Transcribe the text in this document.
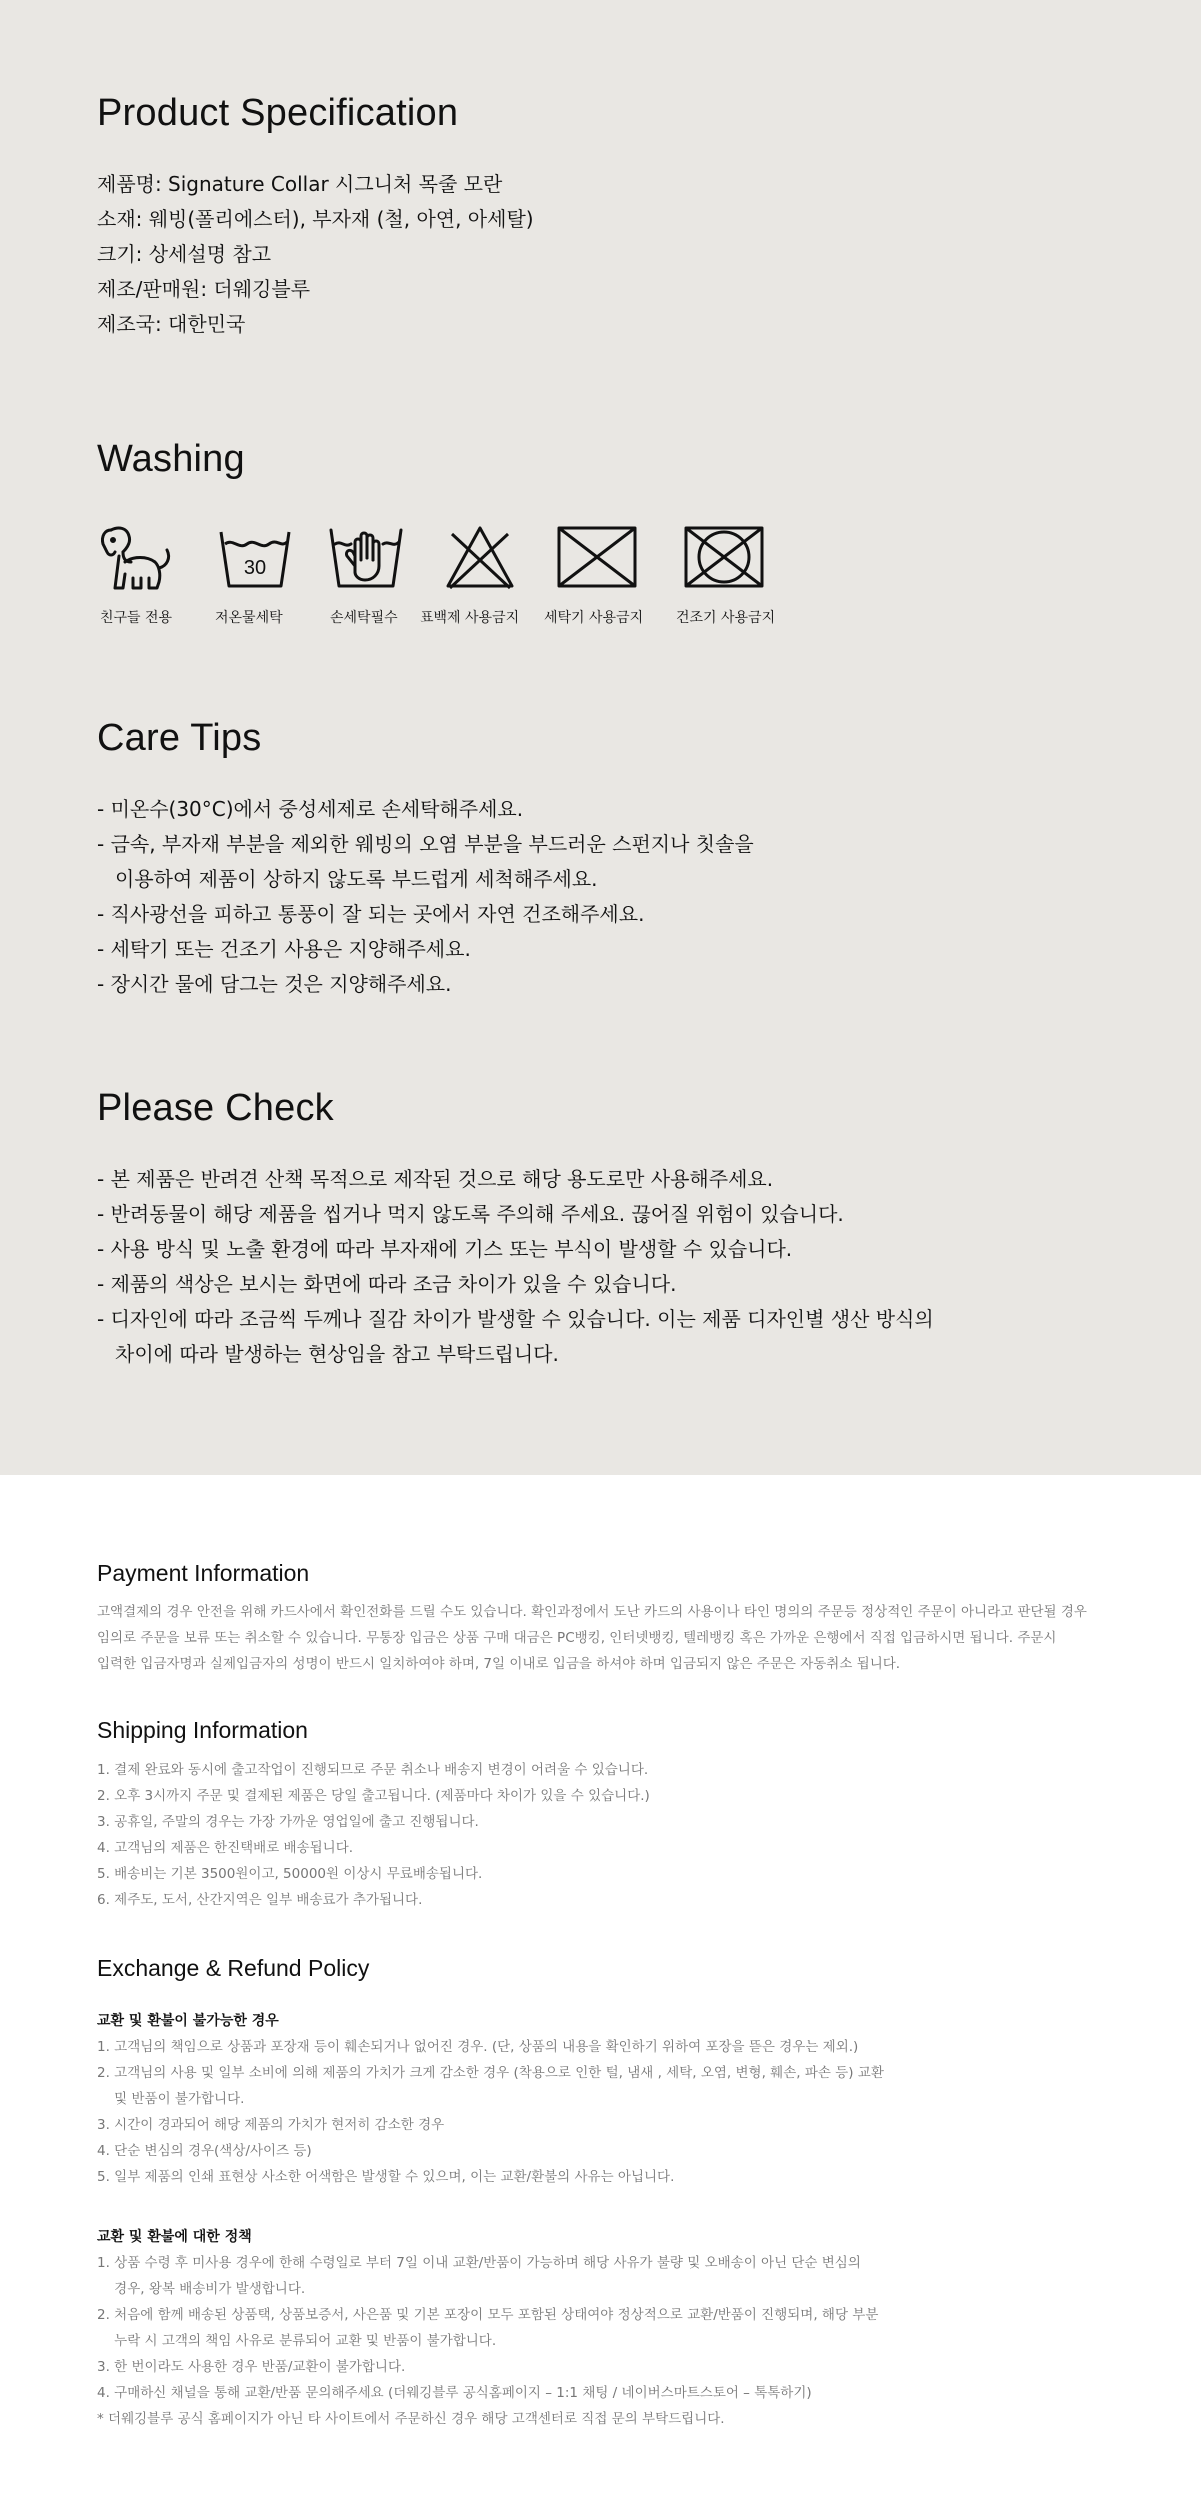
Product Specification
제품명: Signature Collar 시그니처 목줄 모란
소재: 웨빙(폴리에스터), 부자재 (철, 아연, 아세탈)
크기: 상세설명 참고
제조/판매원: 더웨깅블루
제조국: 대한민국
Washing
친구들 전용
30
저온물세탁	손세탁필수 표백제 사용금지 세탁기 사용금지 건조기 사용금지
Care Tips
- 미온수(30°C)에서 중성세제로 손세탁해주세요.
- 금속, 부자재 부분을 제외한 웨빙의 오염 부분을 부드러운 스펀지나 칫솔을
이용하여 제품이 상하지 않도록 부드럽게 세척해주세요.
- 직사광선을 피하고 통풍이 잘 되는 곳에서 자연 건조해주세요.
- 세탁기 또는 건조기 사용은 지양해주세요.
- 장시간 물에 담그는 것은 지양해주세요.
Please Check
- 본 제품은 반려견 산책 목적으로 제작된 것으로 해당 용도로만 사용해주세요.
- 반려동물이 해당 제품을 씹거나 먹지 않도록 주의해 주세요. 끊어질 위험이 있습니다.
- 사용 방식 및 노출 환경에 따라 부자재에 기스 또는 부식이 발생할 수 있습니다.
- 제품의 색상은 보시는 화면에 따라 조금 차이가 있을 수 있습니다.
- 디자인에 따라 조금씩 두께나 질감 차이가 발생할 수 있습니다. 이는 제품 디자인별 생산 방식의
차이에 따라 발생하는 현상임을 참고 부탁드립니다.
Payment Information
고액결제의 경우 안전을 위해 카드사에서 확인전화를 드릴 수도 있습니다. 확인과정에서 도난 카드의 사용이나 타인 명의의 주문등 정상적인 주문이 아니라고 판단될 경우
임의로 주문을 보류 또는 취소할 수 있습니다. 무통장 입금은 상품 구매 대금은 PC뱅킹, 인터넷뱅킹, 텔레뱅킹 혹은 가까운 은행에서 직접 입금하시면 됩니다. 주문시
입력한 입금자명과 실제입금자의 성명이 반드시 일치하여야 하며, 7일 이내로 입금을 하셔야 하며 입금되지 않은 주문은 자동취소 됩니다.
Shipping Information
1. 결제 완료와 동시에 출고작업이 진행되므로 주문 취소나 배송지 변경이 어려울 수 있습니다.
2. 오후 3시까지 주문 및 결제된 제품은 당일 출고됩니다. (제품마다 차이가 있을 수 있습니다.)
3. 공휴일, 주말의 경우는 가장 가까운 영업일에 출고 진행됩니다.
4. 고객님의 제품은 한진택배로 배송됩니다.
5. 배송비는 기본 3500원이고, 50000원 이상시 무료배송됩니다.
6. 제주도, 도서, 산간지역은 일부 배송료가 추가됩니다.
Exchange & Refund Policy

교환 및 환불이 불가능한 경우

1. 고객님의 책임으로 상품과 포장재 등이 훼손되거나 없어진 경우. (단, 상품의 내용을 확인하기 위하여 포장을 뜯은 경우는 제외.)
2. 고객님의 사용 및 일부 소비에 의해 제품의 가치가 크게 감소한 경우 (착용으로 인한 털, 냄새 , 세탁, 오염, 변형, 훼손, 파손 등) 교환
및 반품이 불가합니다.
3. 시간이 경과되어 해당 제품의 가치가 현저히 감소한 경우
4. 단순 변심의 경우(색상/사이즈 등)
5. 일부 제품의 인쇄 표현상 사소한 어색함은 발생할 수 있으며, 이는 교환/환불의 사유는 아닙니다.

교환 및 환불에 대한 정책

1. 상품 수령 후 미사용 경우에 한해 수령일로 부터 7일 이내 교환/반품이 가능하며 해당 사유가 불량 및 오배송이 아닌 단순 변심의
경우, 왕복 배송비가 발생합니다.
2. 처음에 함께 배송된 상품택, 상품보증서, 사은품 및 기본 포장이 모두 포함된 상태여야 정상적으로 교환/반품이 진행되며, 해당 부분
누락 시 고객의 책임 사유로 분류되어 교환 및 반품이 불가합니다.
3. 한 번이라도 사용한 경우 반품/교환이 불가합니다.
4. 구매하신 채널을 통해 교환/반품 문의해주세요 (더웨깅블루 공식홈페이지 – 1:1 채팅 / 네이버스마트스토어 – 톡톡하기)
* 더웨깅블루 공식 홈페이지가 아닌 타 사이트에서 주문하신 경우 해당 고객센터로 직접 문의 부탁드립니다.
